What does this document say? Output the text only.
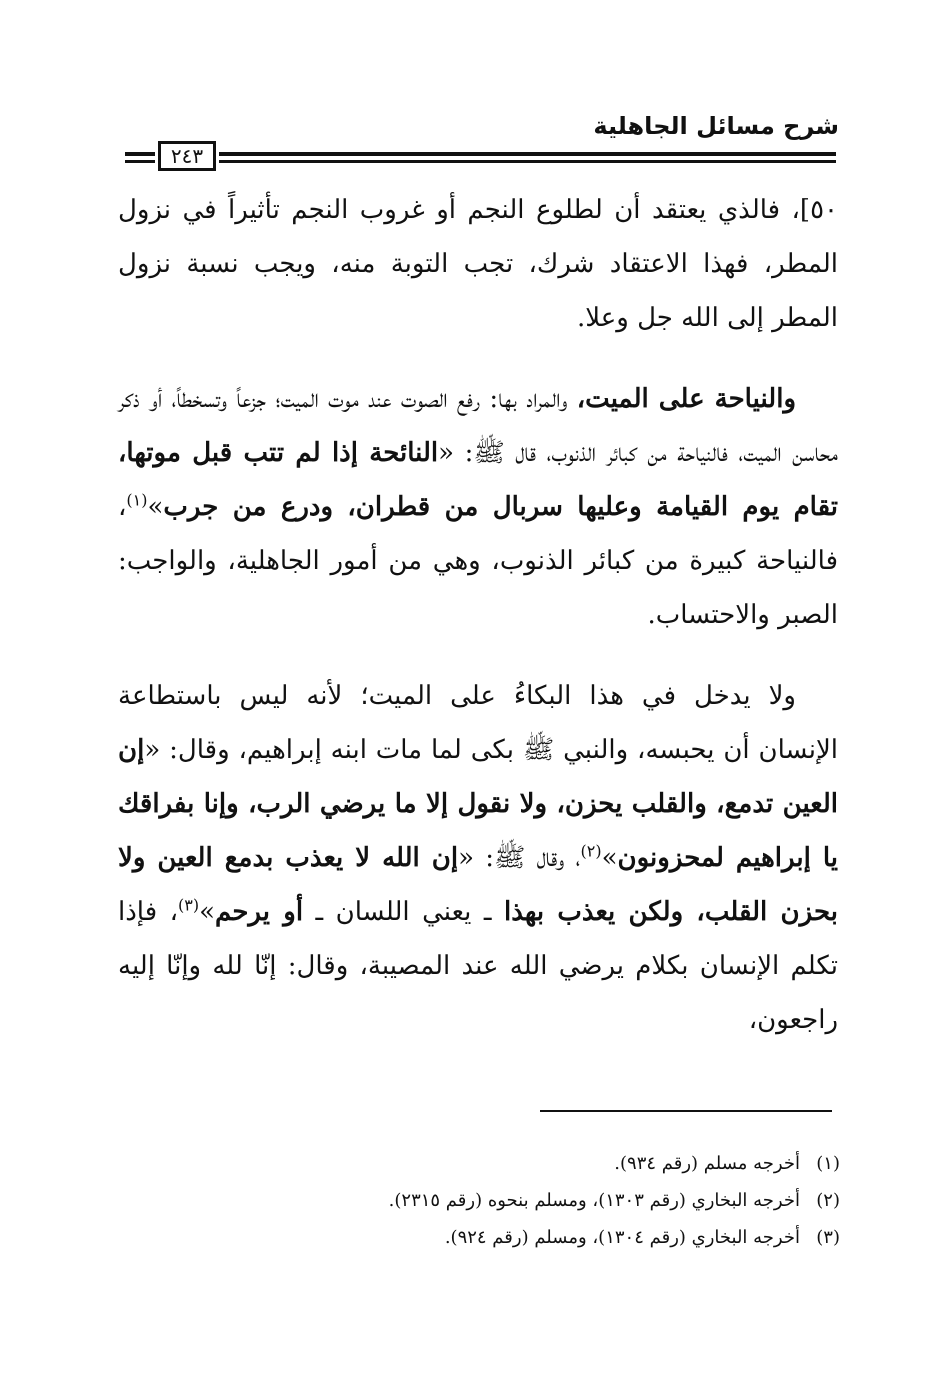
شرح مسائل الجاهلية
٢٤٣

٥٠]، فالذي يعتقد أن لطلوع النجم أو غروب النجم تأثيراً في نزول المطر، فهذا الاعتقاد شرك، تجب التوبة منه، ويجب نسبة نزول المطر إلى الله جل وعلا.

والنياحة على الميت، والمراد بها: رفع الصوت عند موت الميت؛ جزعاً وتسخطاً، أو ذكر محاسن الميت، فالنياحة من كبائر الذنوب، قال ﷺ: «النائحة إذا لم تتب قبل موتها، تقام يوم القيامة وعليها سربال من قطران، ودرع من جرب»$^{(١)}$، فالنياحة كبيرة من كبائر الذنوب، وهي من أمور الجاهلية، والواجب: الصبر والاحتساب.

ولا يدخل في هذا البكاءُ على الميت؛ لأنه ليس باستطاعة الإنسان أن يحبسه، والنبي ﷺ بكى لما مات ابنه إبراهيم، وقال: «إن العين تدمع، والقلب يحزن، ولا نقول إلا ما يرضي الرب، وإنا بفراقك يا إبراهيم لمحزونون»$^{(٢)}$، وقال ﷺ: «إن الله لا يعذب بدمع العين ولا بحزن القلب، ولكن يعذب بهذا ـ يعني اللسان ـ أو يرحم»$^{(٣)}$، فإذا تكلم الإنسان بكلام يرضي الله عند المصيبة، وقال: إنّا لله وإنّا إليه راجعون،

(١)أخرجه مسلم (رقم ٩٣٤).
(٢)أخرجه البخاري (رقم ١٣٠٣)، ومسلم بنحوه (رقم ٢٣١٥).
(٣)أخرجه البخاري (رقم ١٣٠٤)، ومسلم (رقم ٩٢٤).
